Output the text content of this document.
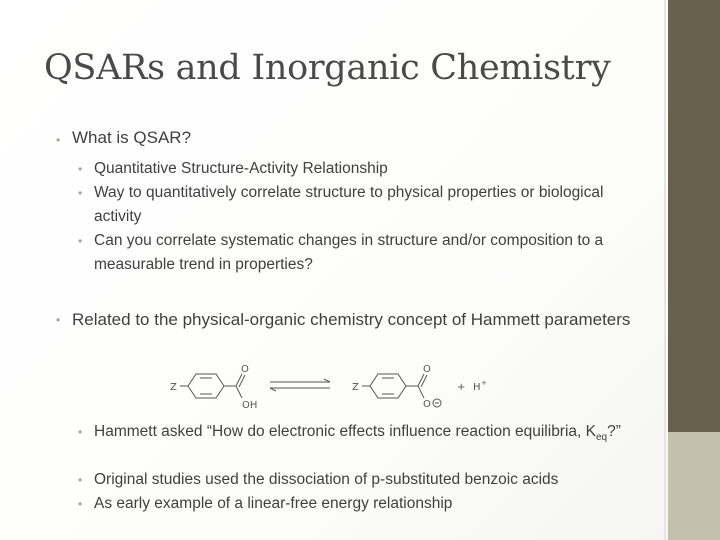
QSARs and Inorganic Chemistry
• What is QSAR?
• Quantitative Structure-Activity Relationship
• Way to quantitatively correlate structure to physical properties or biological activity
• Can you correlate systematic changes in structure and/or composition to a measurable trend in properties?
• Related to the physical-organic chemistry concept of Hammett parameters
Z
O
OH
Z
O
O
+ H +
• Hammett asked “How do electronic effects influence reaction equilibria, $K_{eq}$?”
• Original studies used the dissociation of p-substituted benzoic acids
• As early example of a linear-free energy relationship
